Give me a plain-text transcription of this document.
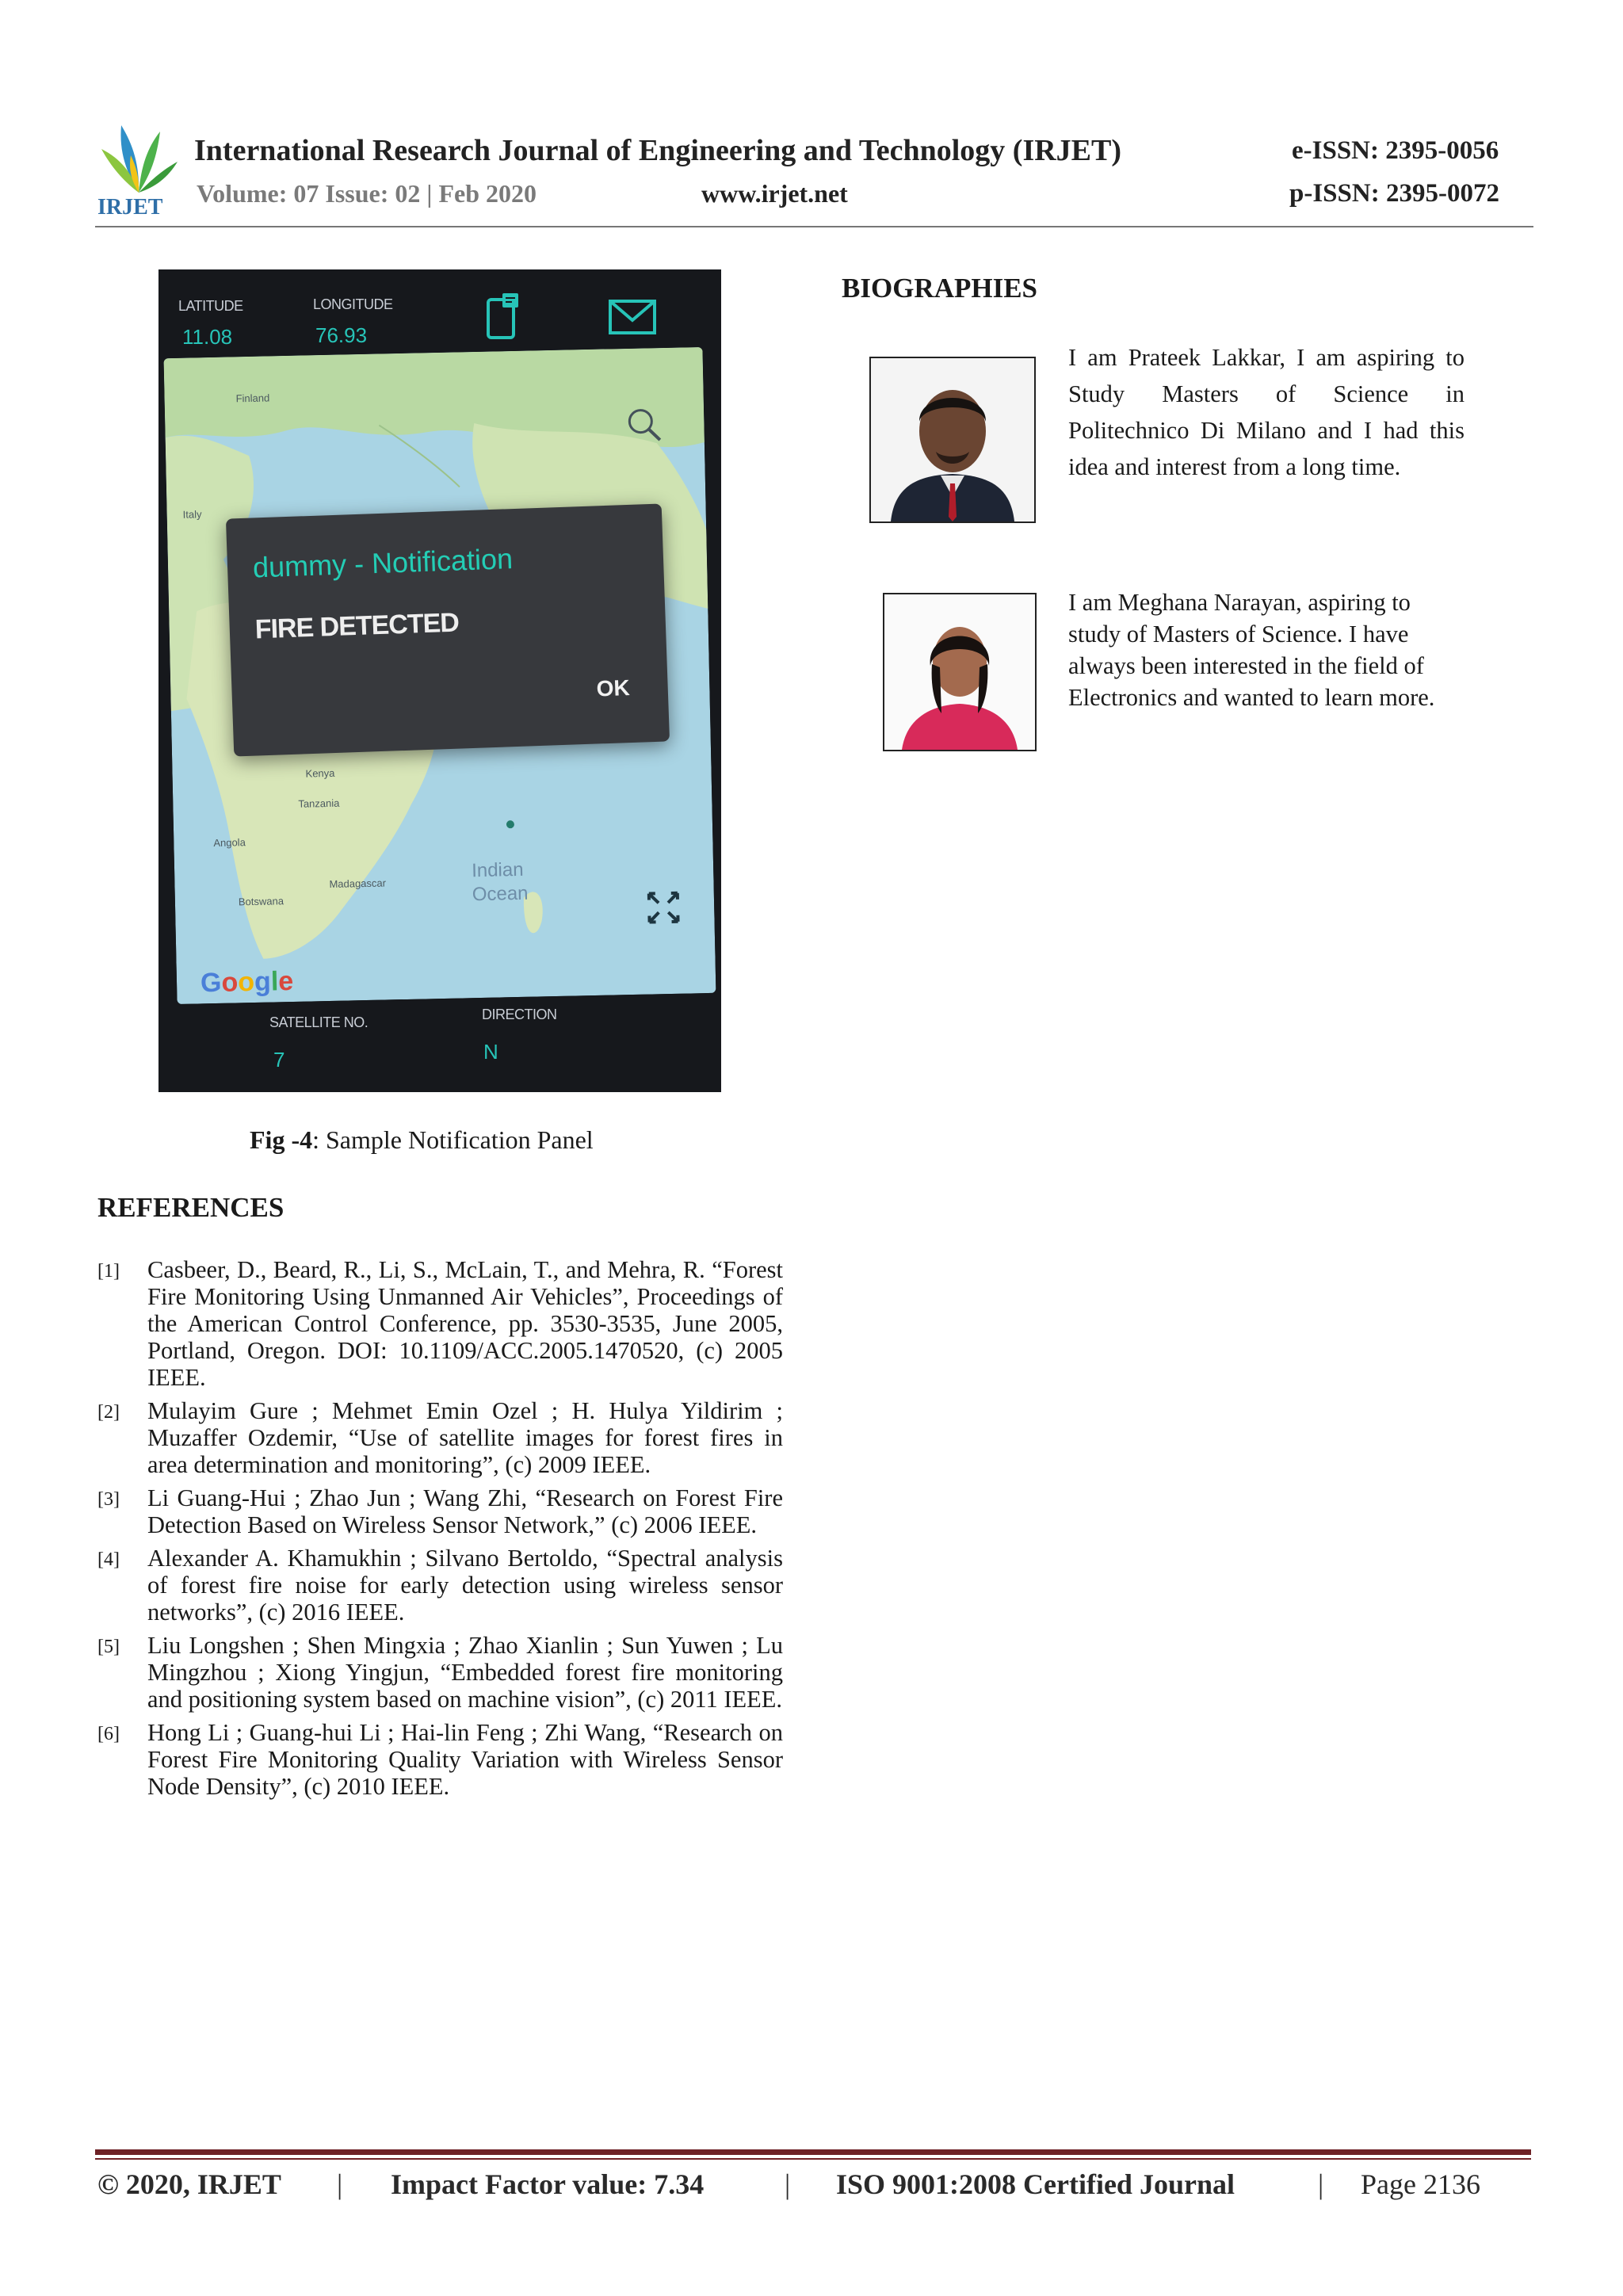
IRJET
International Research Journal of Engineering and Technology (IRJET)	e-ISSN: 2395-0056
Volume: 07 Issue: 02 | Feb 2020	www.irjet.net	p-ISSN: 2395-0072
LATITUDE
11.08
LONGITUDE
76.93
Finland
Italy
Kenya
Tanzania
Angola
Botswana
Madagascar
Indian Ocean
Google
dummy - Notification
FIRE DETECTED
OK
SATELLITE NO.
7
DIRECTION
N
Fig -4: Sample Notification Panel
REFERENCES
[1] Casbeer, D., Beard, R., Li, S., McLain, T., and Mehra, R. “Forest Fire Monitoring Using Unmanned Air Vehicles”, Proceedings of the American Control Conference, pp. 3530-3535, June 2005, Portland, Oregon. DOI: 10.1109/ACC.2005.1470520, (c) 2005 IEEE.
[2] Mulayim Gure ; Mehmet Emin Ozel ; H. Hulya Yildirim ; Muzaffer Ozdemir, “Use of satellite images for forest fires in area determination and monitoring”, (c) 2009 IEEE.
[3] Li Guang-Hui ; Zhao Jun ; Wang Zhi, “Research on Forest Fire Detection Based on Wireless Sensor Network,” (c) 2006 IEEE.
[4] Alexander A. Khamukhin ; Silvano Bertoldo, “Spectral analysis of forest fire noise for early detection using wireless sensor networks”, (c) 2016 IEEE.
[5] Liu Longshen ; Shen Mingxia ; Zhao Xianlin ; Sun Yuwen ; Lu Mingzhou ; Xiong Yingjun, “Embedded forest fire monitoring and positioning system based on machine vision”, (c) 2011 IEEE.
[6] Hong Li ; Guang-hui Li ; Hai-lin Feng ; Zhi Wang, “Research on Forest Fire Monitoring Quality Variation with Wireless Sensor Node Density”, (c) 2010 IEEE.
BIOGRAPHIES
I am Prateek Lakkar, I am aspiring to Study Masters of Science in Politechnico Di Milano and I had this idea and interest from a long time.
I am Meghana Narayan, aspiring to study of Masters of Science. I have always been interested in the field of Electronics and wanted to learn more.
© 2020, IRJET | Impact Factor value: 7.34	| ISO 9001:2008 Certified Journal	| Page 2136
